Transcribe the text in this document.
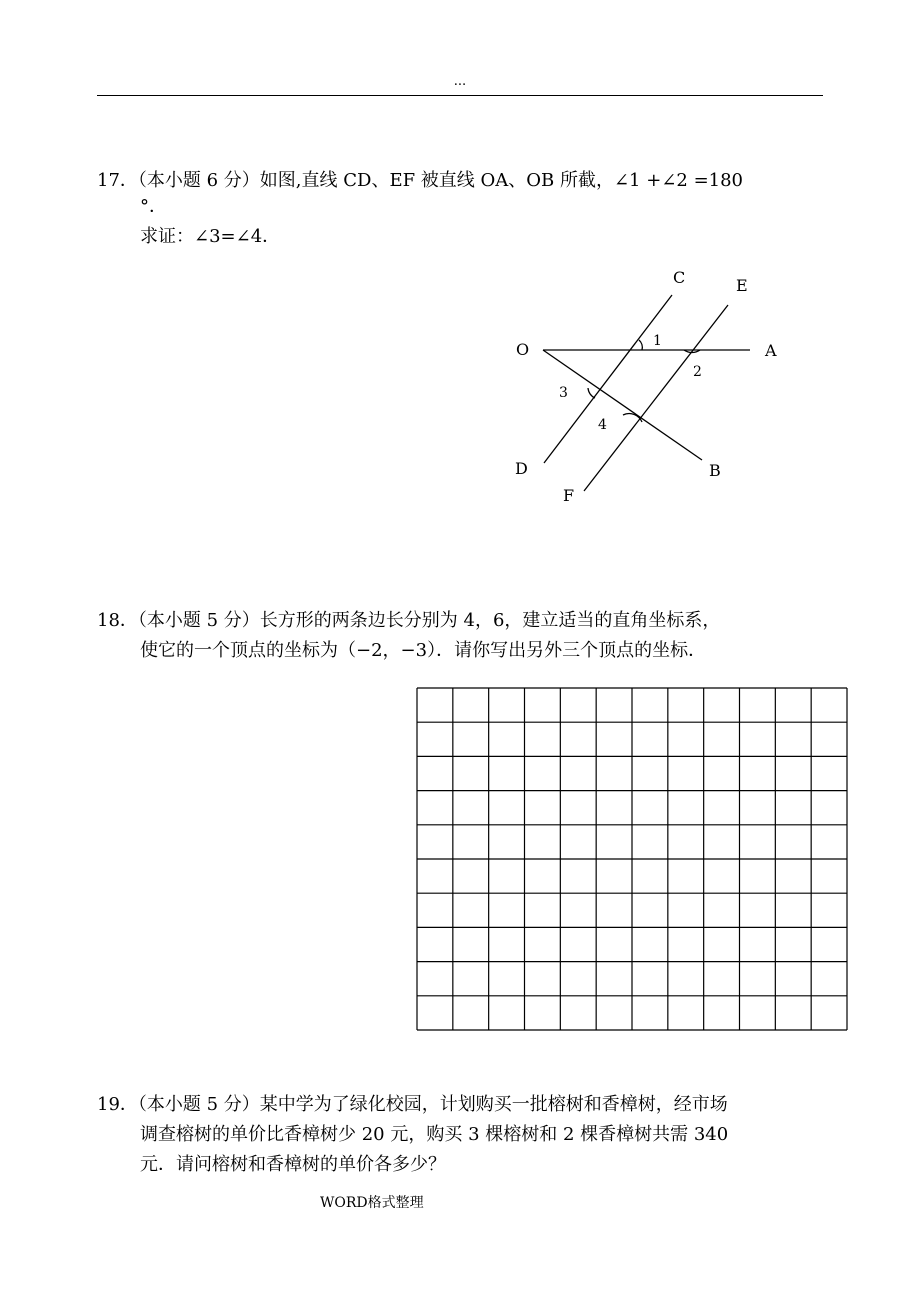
...
17．（本小题 6 分）如图,直线 CD、EF 被直线 OA、OB 所截，∠1 +∠2 =180
°．
求证：∠3=∠4．
C	E
O	A
D	B
F
1
2
3
4
18．（本小题 5 分）长方形的两条边长分别为 4，6，建立适当的直角坐标系，
使它的一个顶点的坐标为（−2，−3）．请你写出另外三个顶点的坐标．
19．（本小题 5 分）某中学为了绿化校园，计划购买一批榕树和香樟树，经市场
调查榕树的单价比香樟树少 20 元，购买 3 棵榕树和 2 棵香樟树共需 340
元．请问榕树和香樟树的单价各多少？
WORD格式整理
